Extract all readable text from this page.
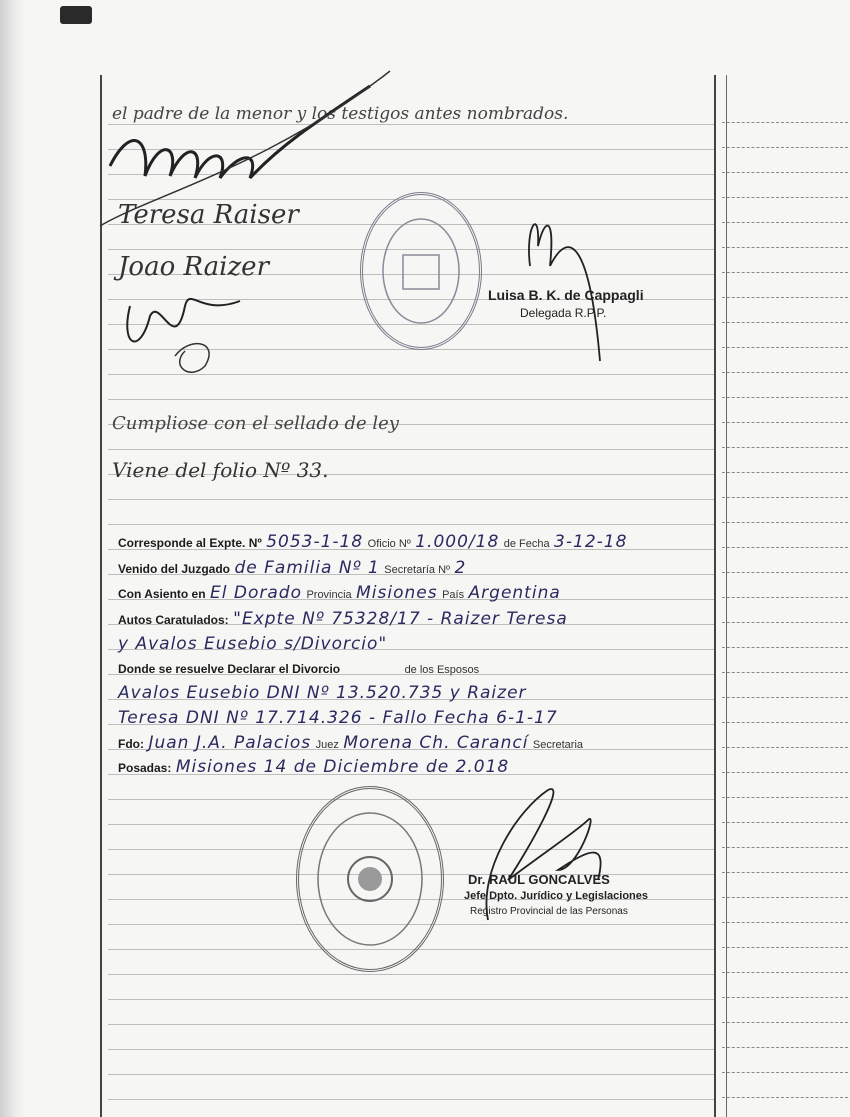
el padre de la menor y los testigos antes nombrados.
Teresa Raiser
Joao Raizer
Luisa B. K. de Cappagli
Delegada R.P.P.
Cumpliose con el sellado de ley
Viene del folio Nº 33.
Corresponde al Expte. Nº 5053-1-18 Oficio Nº 1.000/18 de Fecha 3-12-18
Venido del Juzgado de Familia Nº 1 Secretaría Nº 2
Con Asiento en El Dorado Provincia Misiones País Argentina
Autos Caratulados: "Expte Nº 75328/17 - Raizer Teresa
y Avalos Eusebio s/Divorcio"
Donde se resuelve Declarar el Divorcio	de los Esposos
Avalos Eusebio DNI Nº 13.520.735 y Raizer
Teresa DNI Nº 17.714.326 - Fallo Fecha 6-1-17
Fdo: Juan J.A. Palacios Juez Morena Ch. Carancí Secretaria
Posadas: Misiones 14 de Diciembre de 2.018
Dr. RAUL GONCALVES
Jefe Dpto. Jurídico y Legislaciones
Registro Provincial de las Personas
